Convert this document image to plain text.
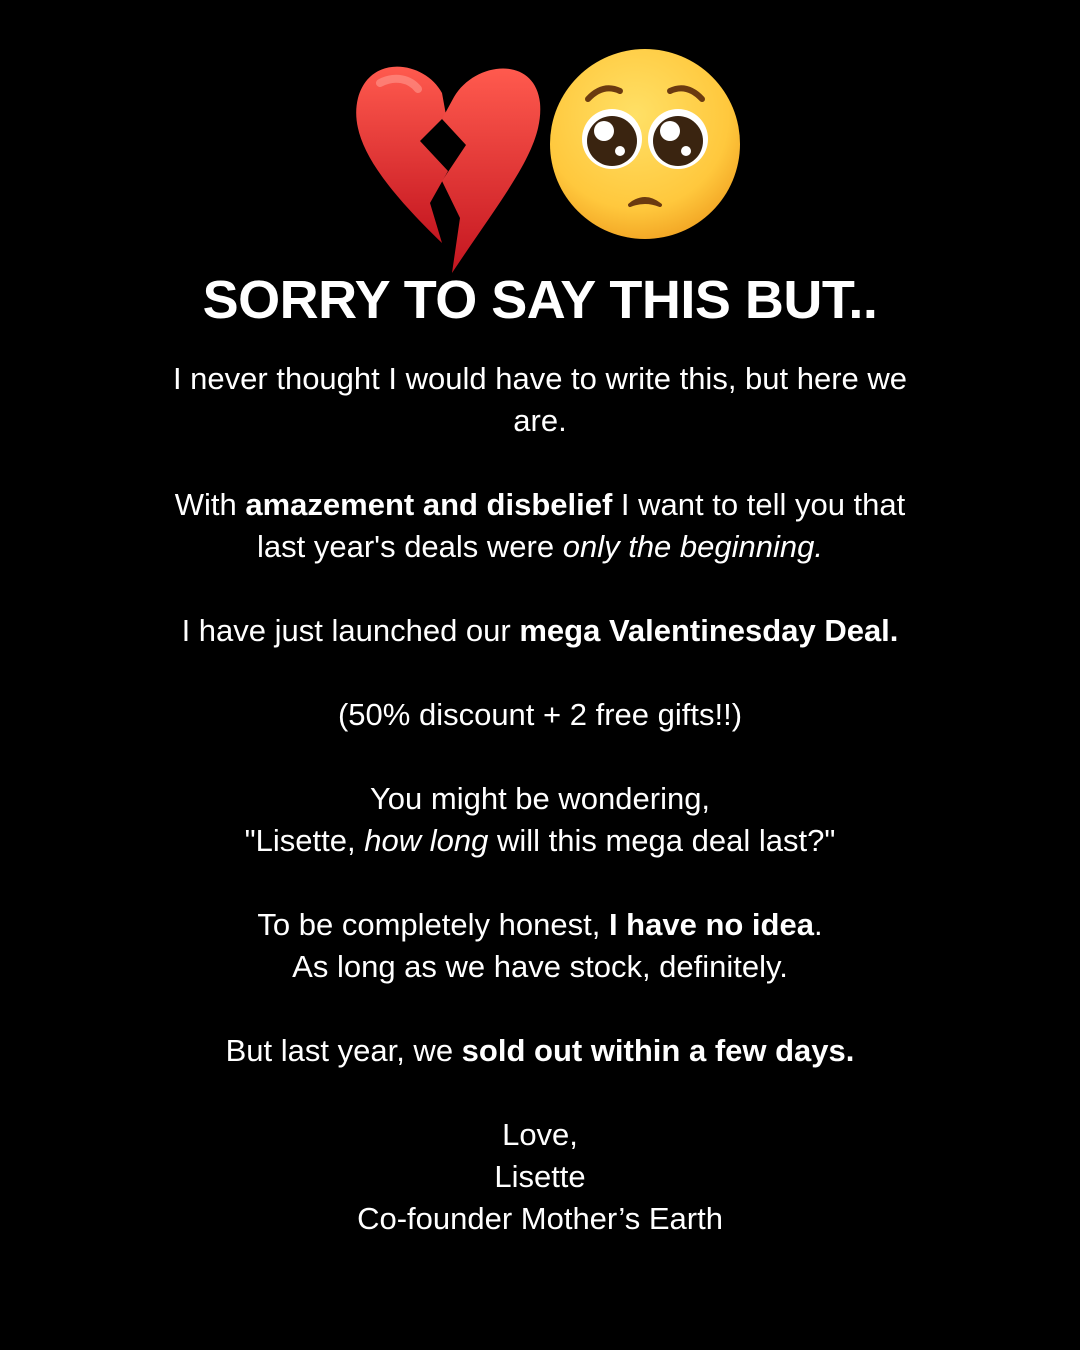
SORRY TO SAY THIS BUT..

I never thought I would have to write this, but here we
are.

With amazement and disbelief I want to tell you that
last year's deals were only the beginning.

I have just launched our mega Valentinesday Deal.

(50% discount + 2 free gifts!!)

You might be wondering,
"Lisette, how long will this mega deal last?"

To be completely honest, I have no idea.
As long as we have stock, definitely.

But last year, we sold out within a few days.

Love,
Lisette
Co-founder Mother’s Earth
